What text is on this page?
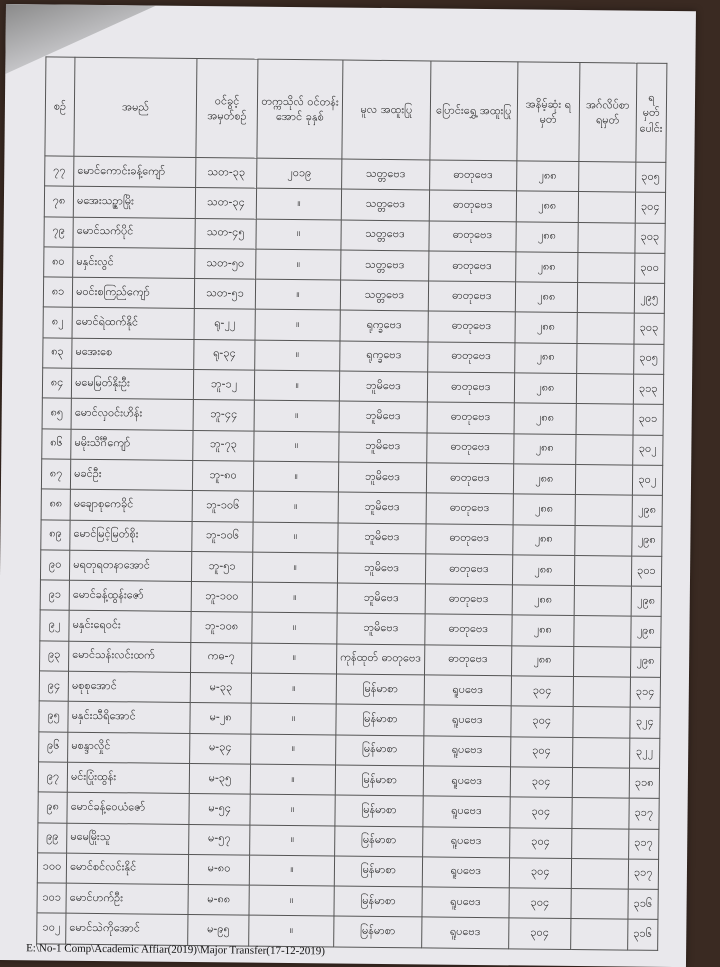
စဉ်	အမည်	ဝင်ခွင့် အမှတ်စဉ်	တက္ကသိုလ် ဝင်တန်းအောင် ခုနှစ်	မူလ အထူးပြု	ပြောင်းရွှေ့ အထူးပြု	အနိမ့်ဆုံး ရမှတ်	အဂ်လိပ်စာ ရမှတ်	ရမှတ် ပေါင်း
၇၇	မောင်ကောင်းခန့်ကျော်	သတ-၃၃	၂၀၁၉	သတ္တဗေဒ	ဓာတုဗေဒ	၂၈၈		၃၀၅
၇၈	မအေးသဉ္ဇာမြိုး	သတ-၃၄	။	သတ္တဗေဒ	ဓာတုဗေဒ	၂၈၈		၃၀၄
၇၉	မောင်သက်ပိုင်	သတ-၄၅	။	သတ္တဗေဒ	ဓာတုဗေဒ	၂၈၈		၃၀၃
၈၀	မနှင်းလွင်	သတ-၅၀	။	သတ္တဗေဒ	ဓာတုဗေဒ	၂၈၈		၃၀၀
၈၁	မဝင်းစကြည်ကျော်	သတ-၅၁	။	သတ္တဗေဒ	ဓာတုဗေဒ	၂၈၈		၂၉၅
၈၂	မောင်ရဲထက်နိုင်	ရု-၂၂	။	ရုက္ခဗေဒ	ဓာတုဗေဒ	၂၈၈		၃၀၃
၈၃	မအေးစေ	ရု-၃၄	။	ရုက္ခဗေဒ	ဓာတုဗေဒ	၂၈၈		၃၀၅
၈၄	မမေမြတ်နိုးဦး	ဘူ-၁၂	။	ဘူမိဗေဒ	ဓာတုဗေဒ	၂၈၈		၃၁၃
၈၅	မောင်လှဝင်းဟိန်း	ဘူ-၄၄	။	ဘူမိဗေဒ	ဓာတုဗေဒ	၂၈၈		၃၀၁
၈၆	မမိုးသိင်္ဂီကျော်	ဘူ-၇၃	။	ဘူမိဗေဒ	ဓာတုဗေဒ	၂၈၈		၃၀၂
၈၇	မခင်ဦး	ဘူ-၈၀	။	ဘူမိဗေဒ	ဓာတုဗေဒ	၂၈၈		၃၀၂
၈၈	မချောစုကေခိုင်	ဘူ-၁၀၆	။	ဘူမိဗေဒ	ဓာတုဗေဒ	၂၈၈		၂၉၈
၈၉	မောင်မြင့်မြတ်စိုး	ဘူ-၁၀၆	။	ဘူမိဗေဒ	ဓာတုဗေဒ	၂၈၈		၂၉၈
၉၀	မရတုရတနာအောင်	ဘူ-၅၁	။	ဘူမိဗေဒ	ဓာတုဗေဒ	၂၈၈		၃၀၁
၉၁	မောင်ခန့်ထွန်းဇော်	ဘူ-၁၀၀	။	ဘူမိဗေဒ	ဓာတုဗေဒ	၂၈၈		၂၉၈
၉၂	မနှင်းရေဝင်း	ဘူ-၁၀၈	။	ဘူမိဗေဒ	ဓာတုဗေဒ	၂၈၈		၂၉၈
၉၃	မောင်သန်းလင်းထက်	ကဓ-၇	။	ကုန်ထုတ် ဓာတုဗေဒ	ဓာတုဗေဒ	၂၈၈		၂၉၈
၉၄	မစုစုအောင်	မ-၃၃	။	မြန်မာစာ	ရူပဗေဒ	၃၀၄		၃၁၄
၉၅	မနှင်းသီရိအောင်	မ-၂၈	။	မြန်မာစာ	ရူပဗေဒ	၃၀၄		၃၂၄
၉၆	မစန္ဒာလှိုင်	မ-၃၄	။	မြန်မာစာ	ရူပဗေဒ	၃၀၄		၃၂၂
၉၇	မင်းပြုံးထွန်း	မ-၃၅	။	မြန်မာစာ	ရူပဗေဒ	၃၀၄		၃၁၈
၉၈	မောင်ခန့်ဝေယံဇော်	မ-၅၄	။	မြန်မာစာ	ရူပဗေဒ	၃၀၄		၃၁၇
၉၉	မမေမြိုးသူ	မ-၅၇	။	မြန်မာစာ	ရူပဗေဒ	၃၀၄		၃၁၇
၁၀၀	မောင်စင်လင်းနိုင်	မ-၈၀	။	မြန်မာစာ	ရူပဗေဒ	၃၀၄		၃၁၇
၁၀၁	မောင်ဟက်ဦး	မ-၈၈	။	မြန်မာစာ	ရူပဗေဒ	၃၀၄		၃၁၆
၁၀၂	မောင်သဲကိုအောင်	မ-၉၅	။	မြန်မာစာ	ရူပဗေဒ	၃၀၄		၃၁၆
E:\No-1 Comp\Academic Affiar(2019)\Major Transfer(17-12-2019)
